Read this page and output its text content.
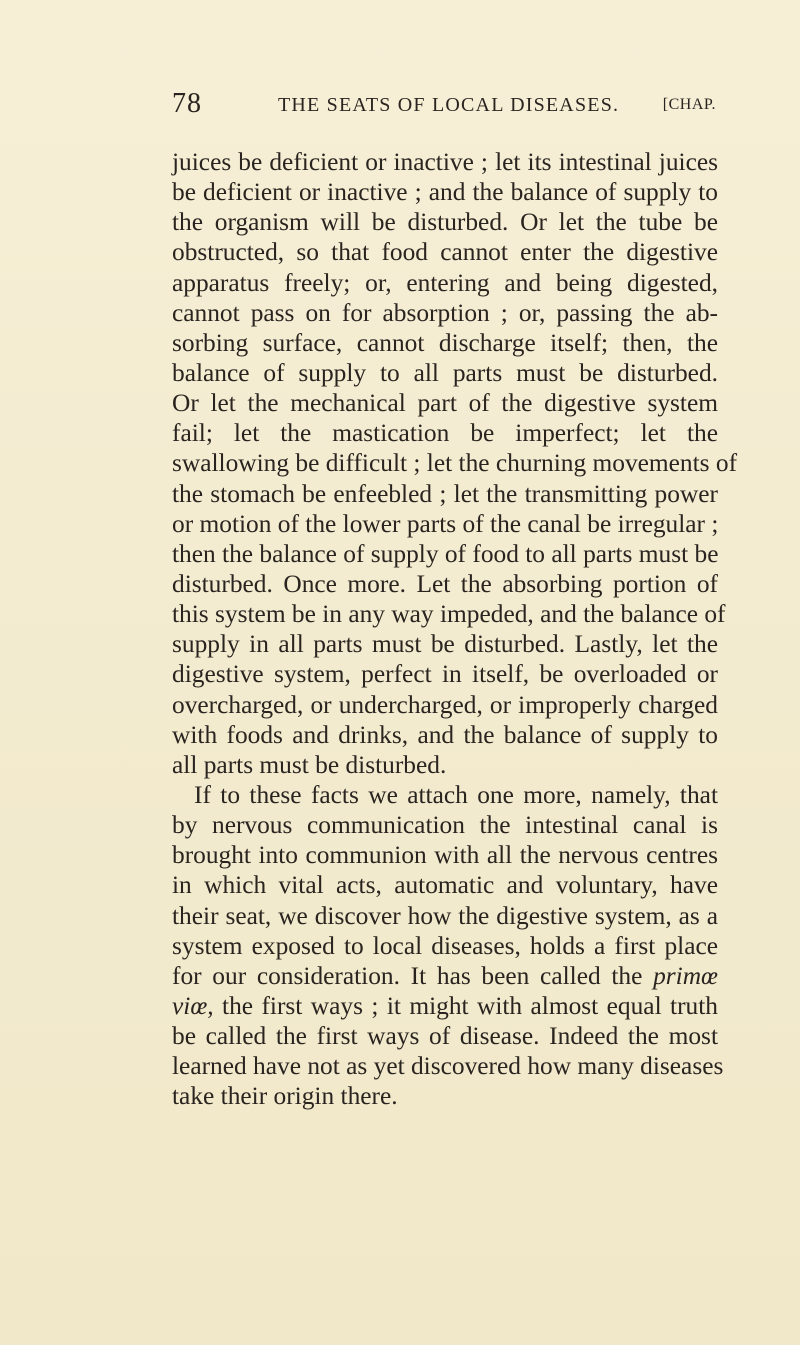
78	THE SEATS OF LOCAL DISEASES.	[CHAP.
juices be deficient or inactive ; let its intestinal juices
be deficient or inactive ; and the balance of supply to
the organism will be disturbed. Or let the tube be
obstructed, so that food cannot enter the digestive
apparatus freely; or, entering and being digested,
cannot pass on for absorption ; or, passing the ab-
sorbing surface, cannot discharge itself; then, the
balance of supply to all parts must be disturbed.
Or let the mechanical part of the digestive system
fail; let the mastication be imperfect; let the
swallowing be difficult ; let the churning movements of
the stomach be enfeebled ; let the transmitting power
or motion of the lower parts of the canal be irregular ;
then the balance of supply of food to all parts must be
disturbed. Once more. Let the absorbing portion of
this system be in any way impeded, and the balance of
supply in all parts must be disturbed. Lastly, let the
digestive system, perfect in itself, be overloaded or
overcharged, or undercharged, or improperly charged
with foods and drinks, and the balance of supply to
all parts must be disturbed.
If to these facts we attach one more, namely, that
by nervous communication the intestinal canal is
brought into communion with all the nervous centres
in which vital acts, automatic and voluntary, have
their seat, we discover how the digestive system, as a
system exposed to local diseases, holds a first place
for our consideration. It has been called the primœ
viœ, the first ways ; it might with almost equal truth
be called the first ways of disease. Indeed the most
learned have not as yet discovered how many diseases
take their origin there.
